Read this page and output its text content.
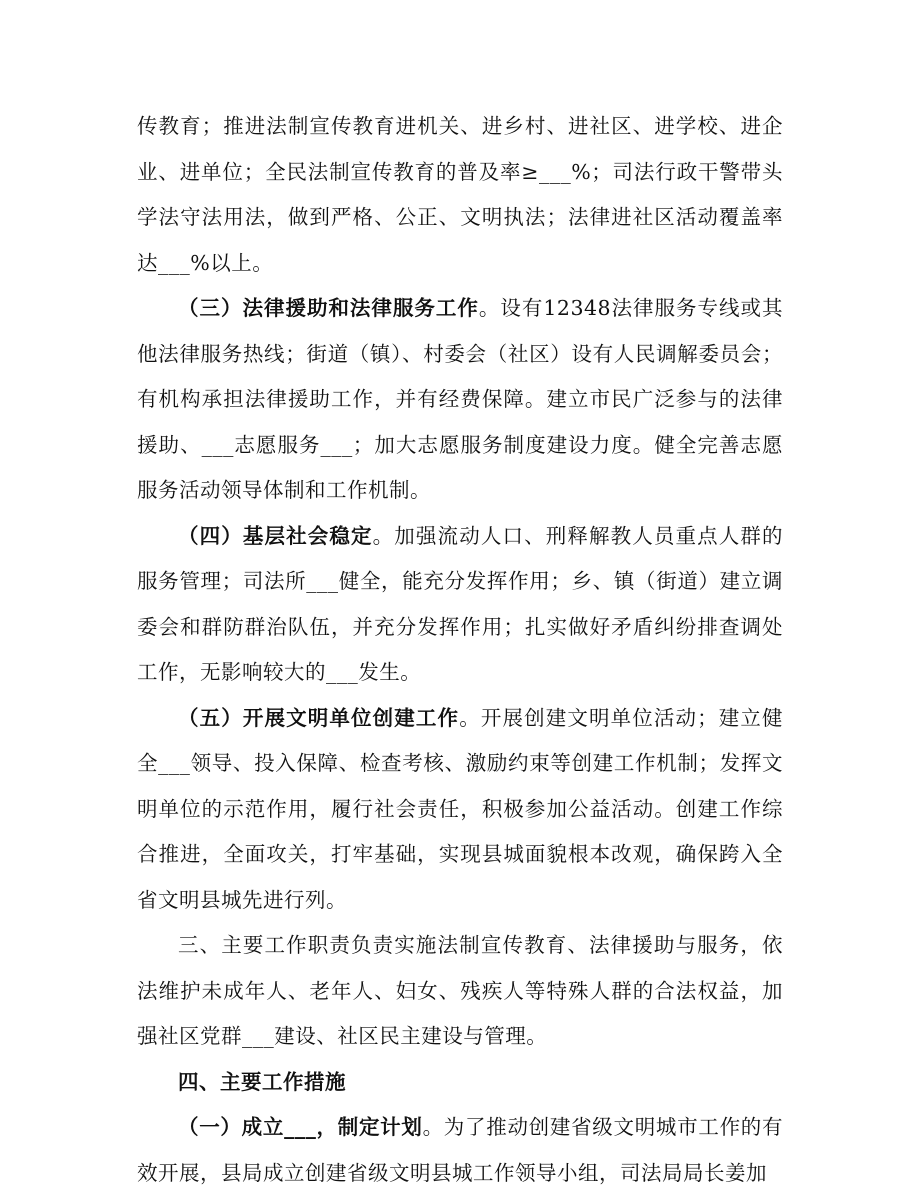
传教育；推进法制宣传教育进机关、进乡村、进社区、进学校、进企业、进单位；全民法制宣传教育的普及率≥___%；司法行政干警带头学法守法用法，做到严格、公正、文明执法；法律进社区活动覆盖率达___%以上。

（三）法律援助和法律服务工作。设有12348法律服务专线或其他法律服务热线；街道（镇）、村委会（社区）设有人民调解委员会；有机构承担法律援助工作，并有经费保障。建立市民广泛参与的法律援助、___志愿服务___；加大志愿服务制度建设力度。健全完善志愿服务活动领导体制和工作机制。

（四）基层社会稳定。加强流动人口、刑释解教人员重点人群的服务管理；司法所___健全，能充分发挥作用；乡、镇（街道）建立调委会和群防群治队伍，并充分发挥作用；扎实做好矛盾纠纷排查调处工作，无影响较大的___发生。

（五）开展文明单位创建工作。开展创建文明单位活动；建立健全___领导、投入保障、检查考核、激励约束等创建工作机制；发挥文明单位的示范作用，履行社会责任，积极参加公益活动。创建工作综合推进，全面攻关，打牢基础，实现县城面貌根本改观，确保跨入全省文明县城先进行列。

三、主要工作职责负责实施法制宣传教育、法律援助与服务，依法维护未成年人、老年人、妇女、残疾人等特殊人群的合法权益，加强社区党群___建设、社区民主建设与管理。

四、主要工作措施

（一）成立___，制定计划。为了推动创建省级文明城市工作的有效开展，县局成立创建省级文明县城工作领导小组，司法局局长姜加
